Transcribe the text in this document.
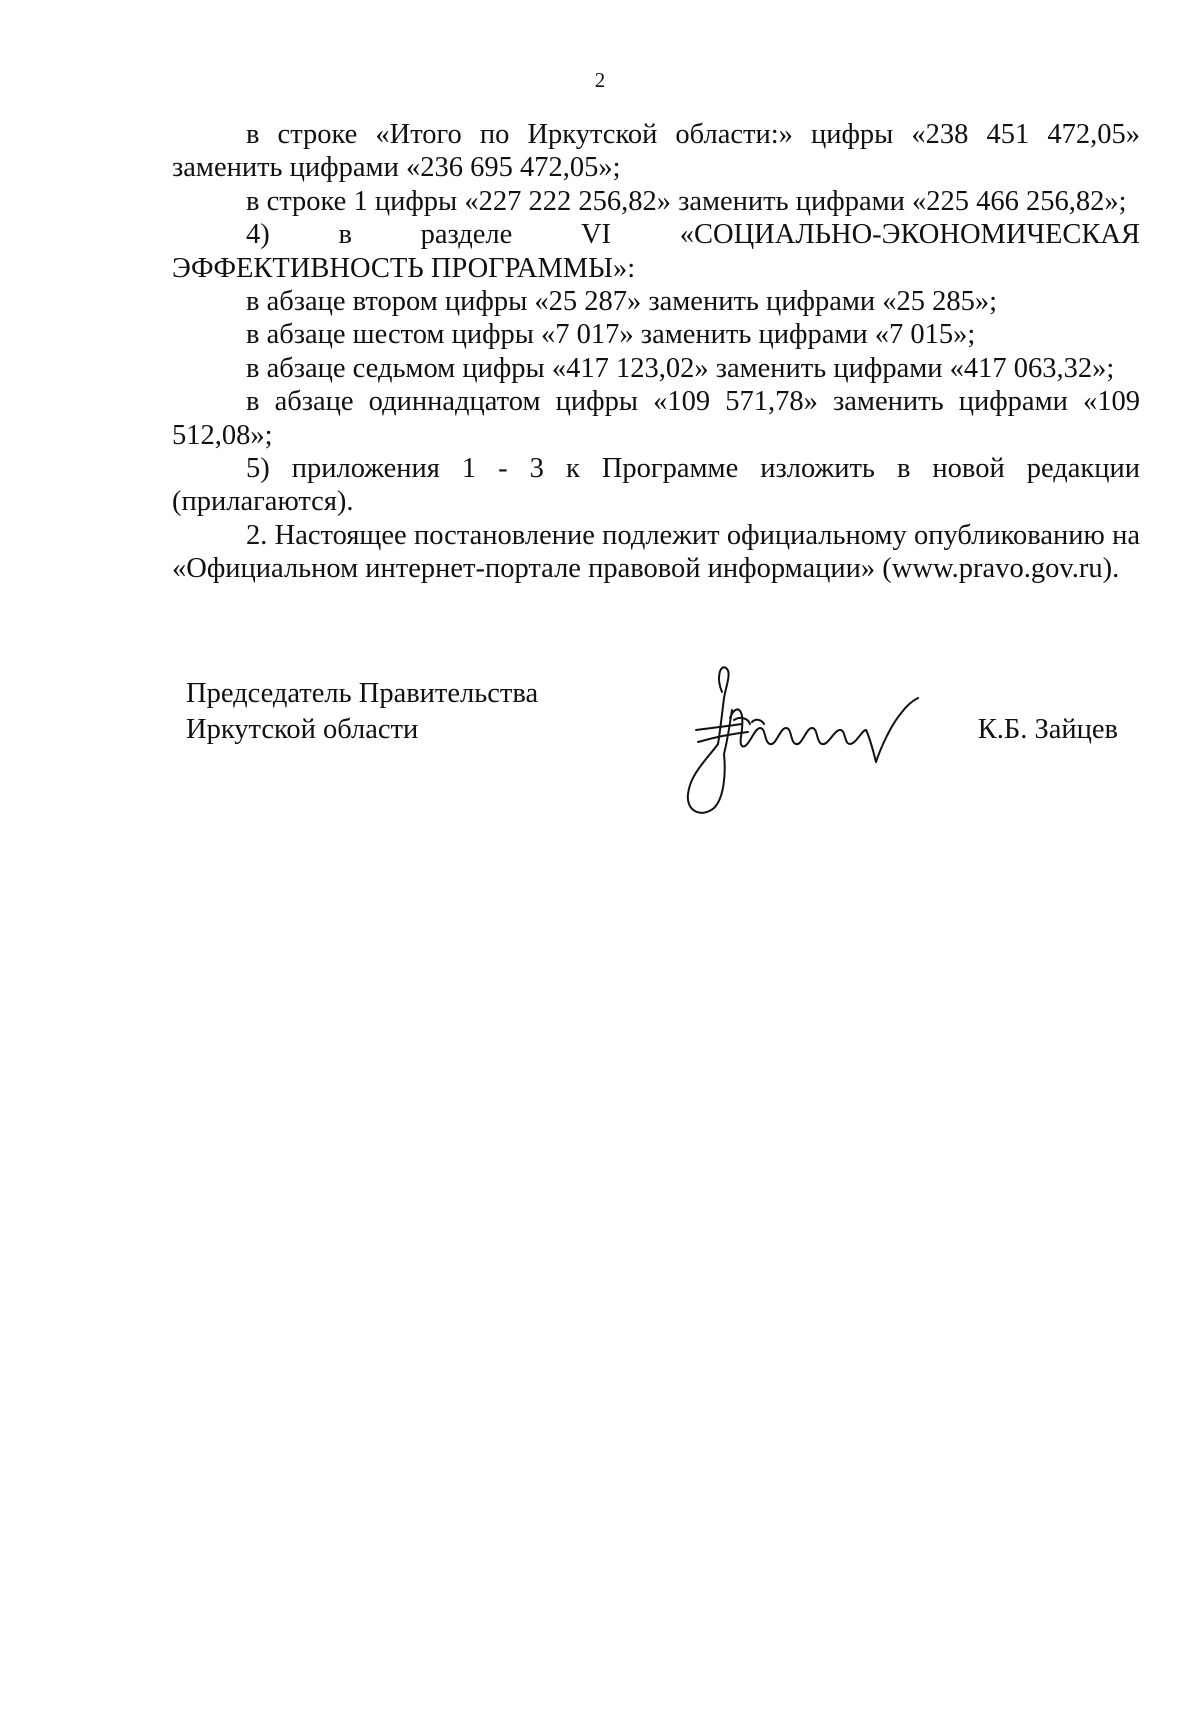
2

в строке «Итого по Иркутской области:» цифры «238 451 472,05» заменить цифрами «236 695 472,05»;

в строке 1 цифры «227 222 256,82» заменить цифрами «225 466 256,82»;

4) в разделе VI «СОЦИАЛЬНО-ЭКОНОМИЧЕСКАЯ ЭФФЕКТИВНОСТЬ ПРОГРАММЫ»:

в абзаце втором цифры «25 287» заменить цифрами «25 285»;

в абзаце шестом цифры «7 017» заменить цифрами «7 015»;

в абзаце седьмом цифры «417 123,02» заменить цифрами «417 063,32»;

в абзаце одиннадцатом цифры «109 571,78» заменить цифрами «109 512,08»;

5) приложения 1 - 3 к Программе изложить в новой редакции (прилагаются).

2. Настоящее постановление подлежит официальному опубликованию на «Официальном интернет-портале правовой информации» (www.pravo.gov.ru).

Председатель Правительства
Иркутской области	К.Б. Зайцев
